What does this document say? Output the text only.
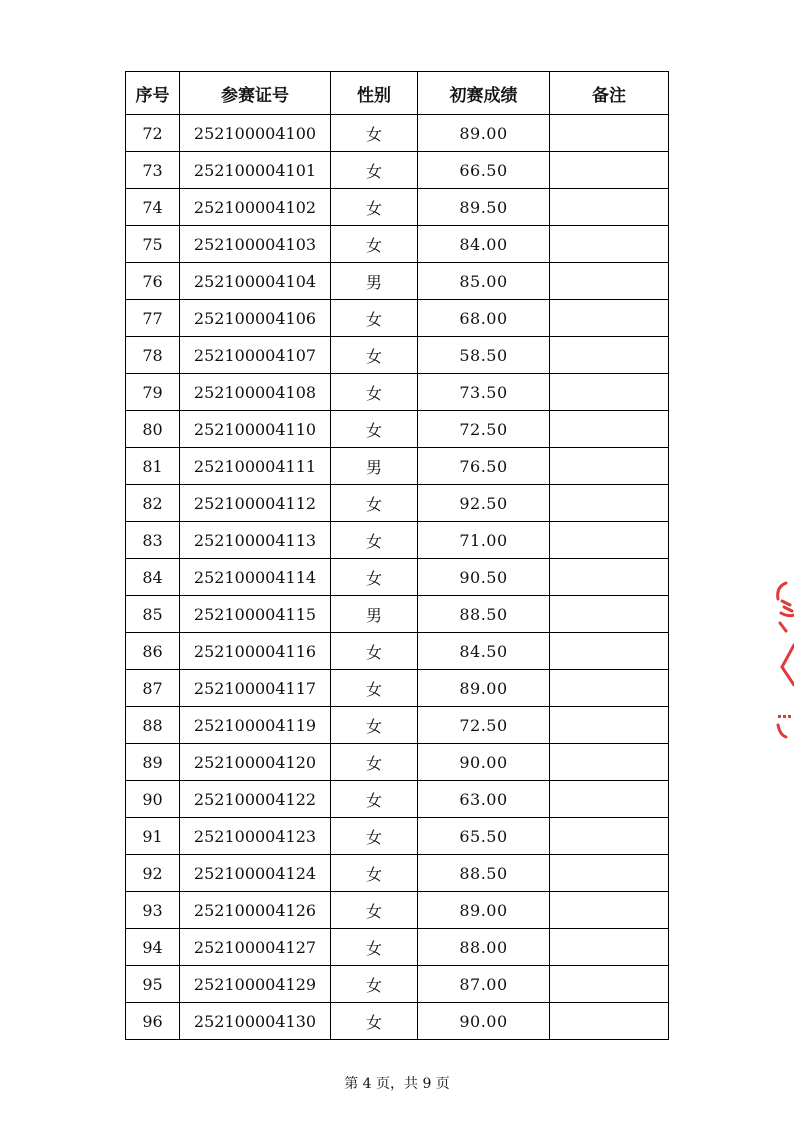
序号	参赛证号	性别	初赛成绩	备注
72	252100004100	女	89.00	
73	252100004101	女	66.50	
74	252100004102	女	89.50	
75	252100004103	女	84.00	
76	252100004104	男	85.00	
77	252100004106	女	68.00	
78	252100004107	女	58.50	
79	252100004108	女	73.50	
80	252100004110	女	72.50	
81	252100004111	男	76.50	
82	252100004112	女	92.50	
83	252100004113	女	71.00	
84	252100004114	女	90.50	
85	252100004115	男	88.50	
86	252100004116	女	84.50	
87	252100004117	女	89.00	
88	252100004119	女	72.50	
89	252100004120	女	90.00	
90	252100004122	女	63.00	
91	252100004123	女	65.50	
92	252100004124	女	88.50	
93	252100004126	女	89.00	
94	252100004127	女	88.00	
95	252100004129	女	87.00	
96	252100004130	女	90.00	
第 4 页，共 9 页
